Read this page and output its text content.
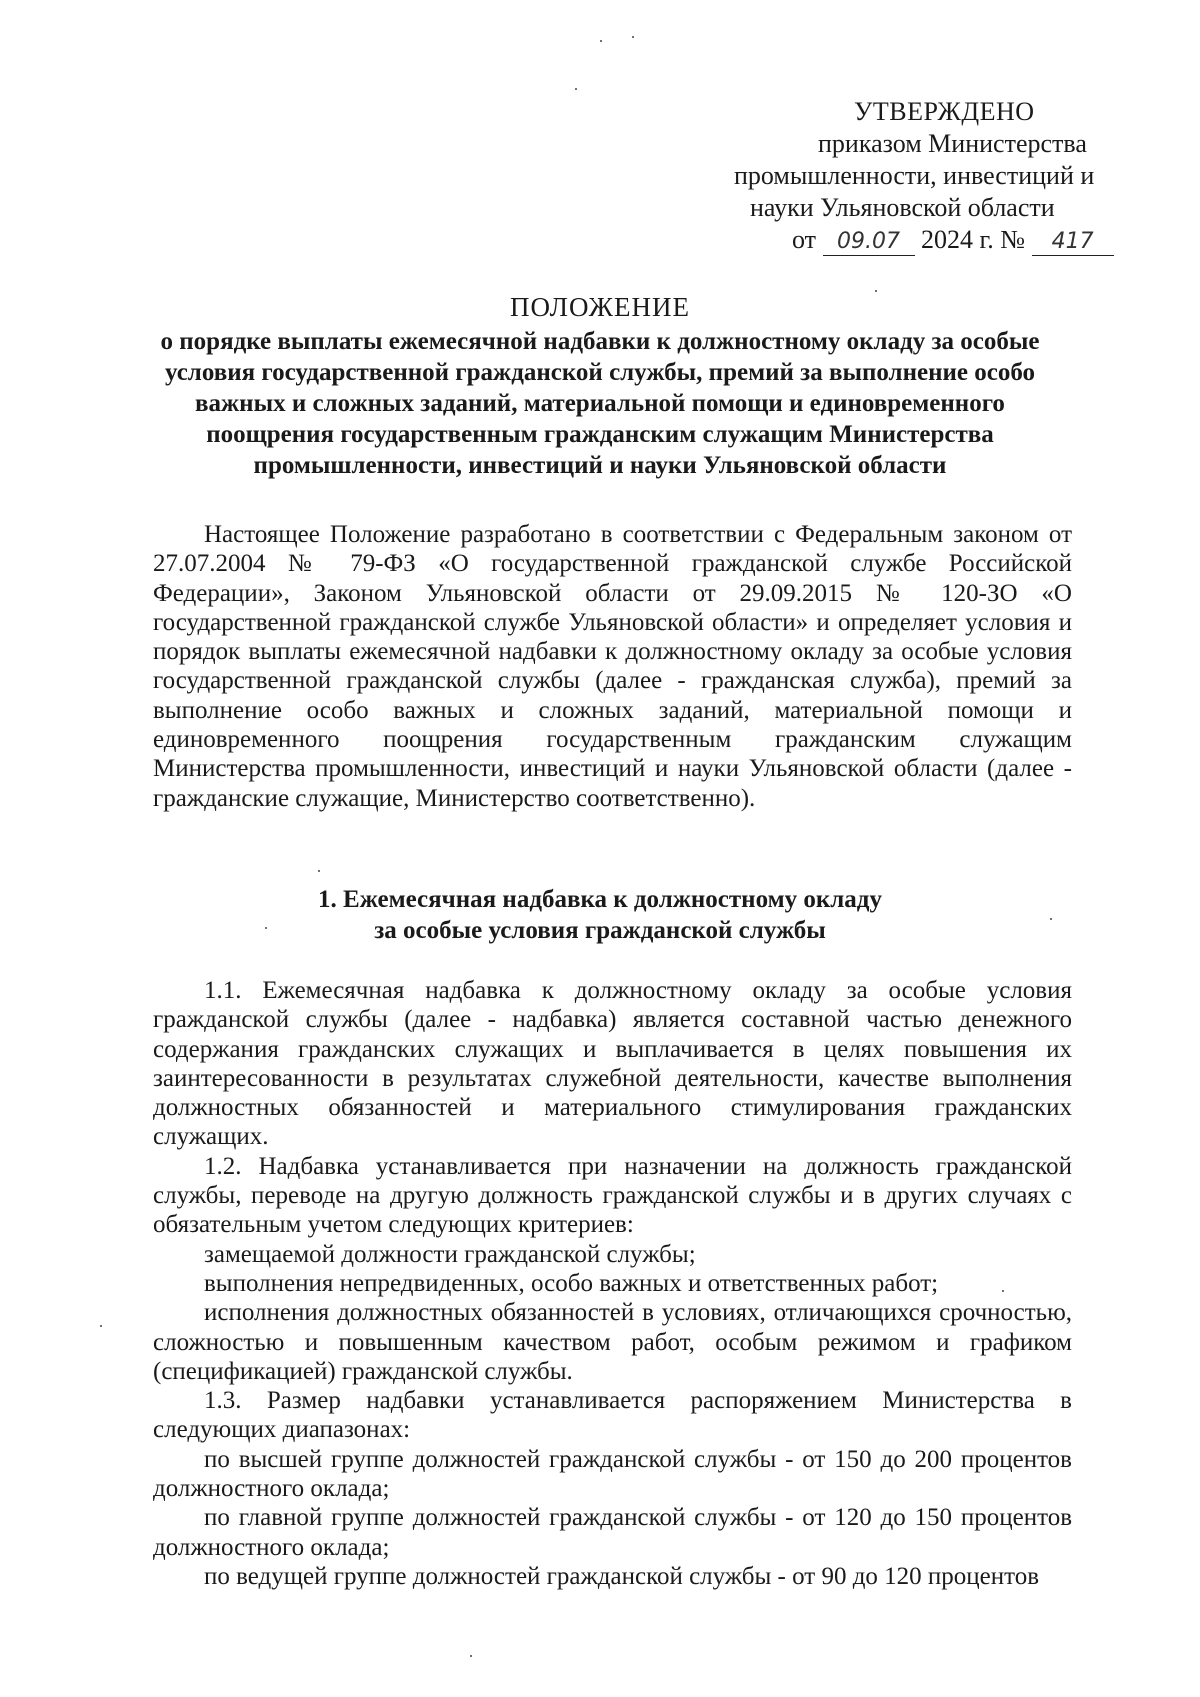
УТВЕРЖДЕНО
приказом Министерства
промышленности, инвестиций и
науки Ульяновской области
от 09.07 2024 г. № 417
ПОЛОЖЕНИЕ
о порядке выплаты ежемесячной надбавки к должностному окладу за особые
условия государственной гражданской службы, премий за выполнение особо
важных и сложных заданий, материальной помощи и единовременного
поощрения государственным гражданским служащим Министерства
промышленности, инвестиций и науки Ульяновской области

Настоящее Положение разработано в соответствии с Федеральным законом от 27.07.2004 № 79-ФЗ «О государственной гражданской службе Российской Федерации», Законом Ульяновской области от 29.09.2015 № 120-ЗО «О государственной гражданской службе Ульяновской области» и определяет условия и порядок выплаты ежемесячной надбавки к должностному окладу за особые условия государственной гражданской службы (далее - гражданская служба), премий за выполнение особо важных и сложных заданий, материальной помощи и единовременного поощрения государственным гражданским служащим Министерства промышленности, инвестиций и науки Ульяновской области (далее - гражданские служащие, Министерство соответственно).

1. Ежемесячная надбавка к должностному окладу
за особые условия гражданской службы

1.1. Ежемесячная надбавка к должностному окладу за особые условия гражданской службы (далее - надбавка) является составной частью денежного содержания гражданских служащих и выплачивается в целях повышения их заинтересованности в результатах служебной деятельности, качестве выполнения должностных обязанностей и материального стимулирования гражданских служащих.

1.2. Надбавка устанавливается при назначении на должность гражданской службы, переводе на другую должность гражданской службы и в других случаях с обязательным учетом следующих критериев:

замещаемой должности гражданской службы;

выполнения непредвиденных, особо важных и ответственных работ;

исполнения должностных обязанностей в условиях, отличающихся срочностью, сложностью и повышенным качеством работ, особым режимом и графиком (спецификацией) гражданской службы.

1.3. Размер надбавки устанавливается распоряжением Министерства в следующих диапазонах:

по высшей группе должностей гражданской службы - от 150 до 200 процентов должностного оклада;

по главной группе должностей гражданской службы - от 120 до 150 процентов должностного оклада;

по ведущей группе должностей гражданской службы - от 90 до 120 процентов
